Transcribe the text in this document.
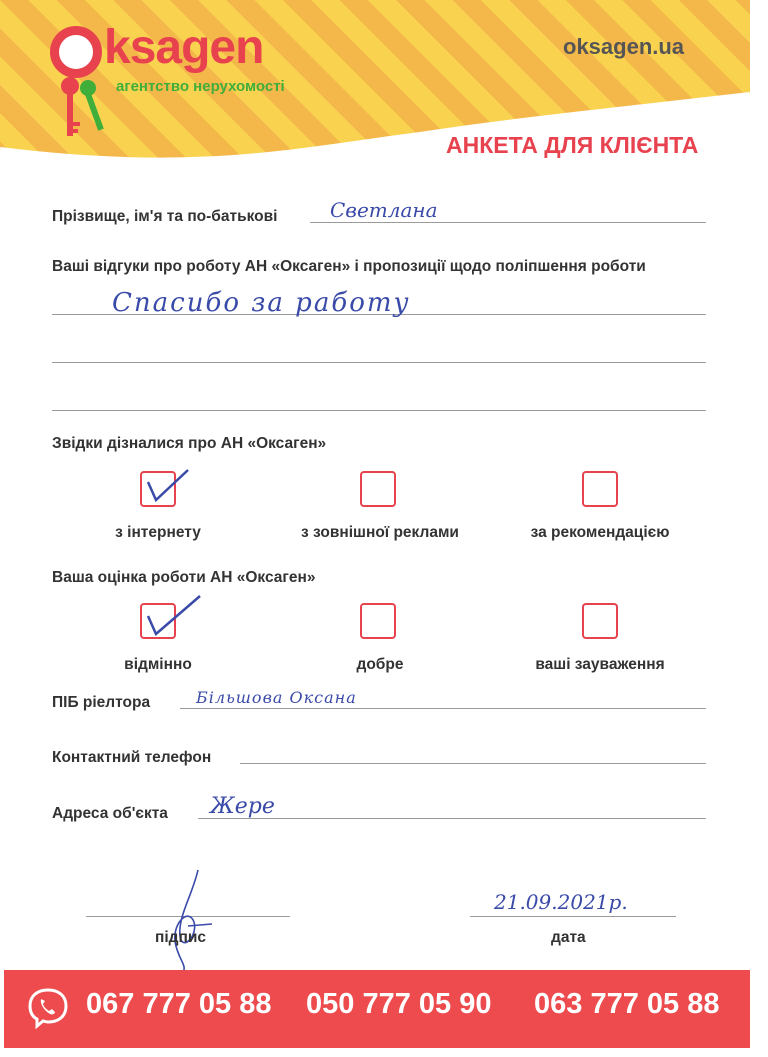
ksagen
агентство нерухомості
oksagen.ua
АНКЕТА ДЛЯ КЛІЄНТА
Прізвище, ім'я та по-батькові	Светлана
Ваші відгуки про роботу АН «Оксаген» і пропозиції щодо поліпшення роботи
Спасибо за работу
Звідки дізналися про АН «Оксаген»
з інтернету	з зовнішної реклами	за рекомендацією
Ваша оцінка роботи АН «Оксаген»
відмінно	добре	ваші зауваження
ПІБ ріелтора	Більшова Оксана
Контактний телефон
Адреса об'єкта Жере
підпис
21.09.2021р.
дата
067 777 05 88 050 777 05 90 063 777 05 88
